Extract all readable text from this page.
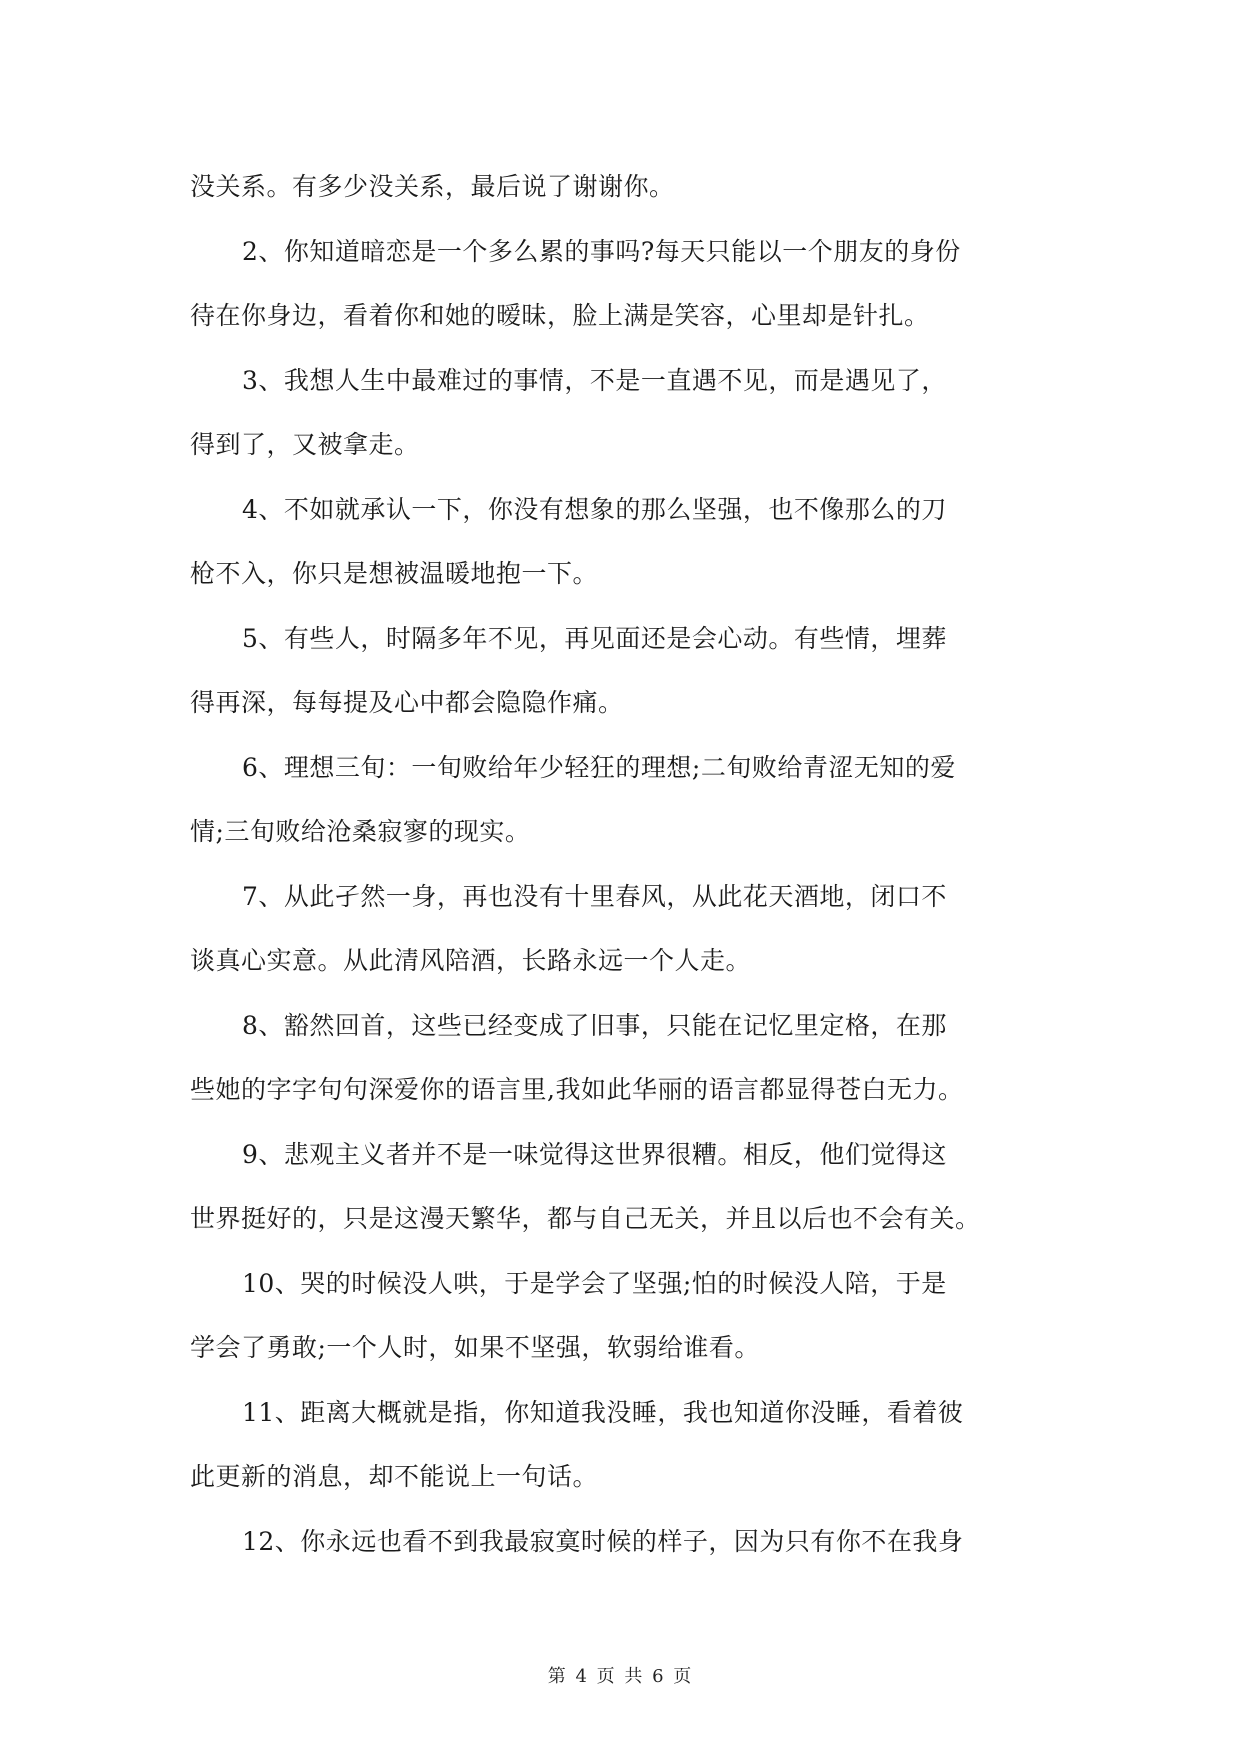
没关系。有多少没关系，最后说了谢谢你。
2、你知道暗恋是一个多么累的事吗?每天只能以一个朋友的身份
待在你身边，看着你和她的暧昧，脸上满是笑容，心里却是针扎。
3、我想人生中最难过的事情，不是一直遇不见，而是遇见了，
得到了，又被拿走。
4、不如就承认一下，你没有想象的那么坚强，也不像那么的刀
枪不入，你只是想被温暖地抱一下。
5、有些人，时隔多年不见，再见面还是会心动。有些情，埋葬
得再深，每每提及心中都会隐隐作痛。
6、理想三旬：一旬败给年少轻狂的理想;二旬败给青涩无知的爱
情;三旬败给沧桑寂寥的现实。
7、从此孑然一身，再也没有十里春风，从此花天酒地，闭口不
谈真心实意。从此清风陪酒，长路永远一个人走。
8、豁然回首，这些已经变成了旧事，只能在记忆里定格，在那
些她的字字句句深爱你的语言里,我如此华丽的语言都显得苍白无力。
9、悲观主义者并不是一味觉得这世界很糟。相反，他们觉得这
世界挺好的，只是这漫天繁华，都与自己无关，并且以后也不会有关。
10、哭的时候没人哄，于是学会了坚强;怕的时候没人陪，于是
学会了勇敢;一个人时，如果不坚强，软弱给谁看。
11、距离大概就是指，你知道我没睡，我也知道你没睡，看着彼
此更新的消息，却不能说上一句话。
12、你永远也看不到我最寂寞时候的样子，因为只有你不在我身
第 4 页 共 6 页
